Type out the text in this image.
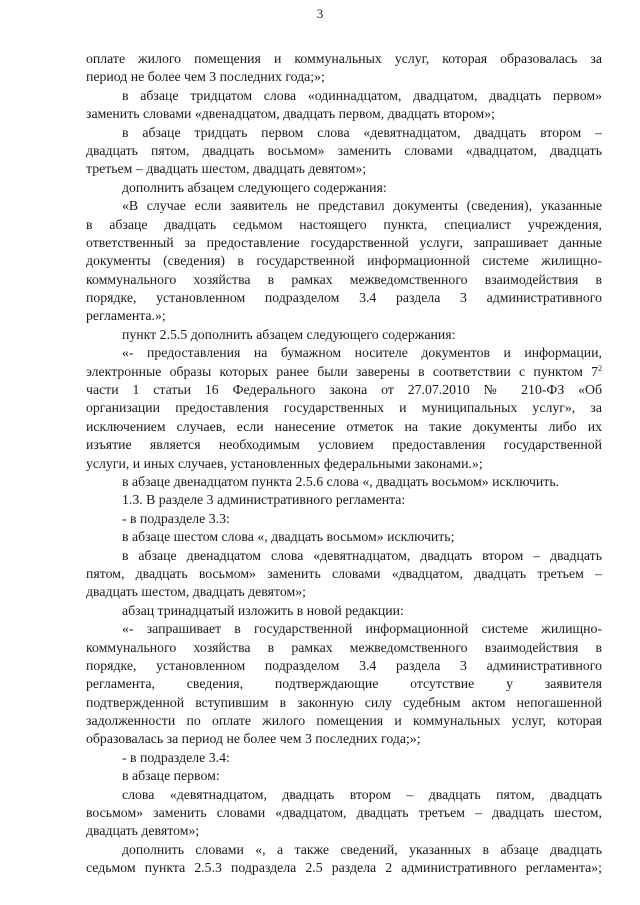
3
оплате жилого помещения и коммунальных услуг, которая образовалась за
период не более чем 3 последних года;»;
в абзаце тридцатом слова «одиннадцатом, двадцатом, двадцать первом»
заменить словами «двенадцатом, двадцать первом, двадцать втором»;
в абзаце тридцать первом слова «девятнадцатом, двадцать втором –
двадцать пятом, двадцать восьмом» заменить словами «двадцатом, двадцать
третьем – двадцать шестом, двадцать девятом»;
дополнить абзацем следующего содержания:
«В случае если заявитель не представил документы (сведения), указанные
в абзаце двадцать седьмом настоящего пункта, специалист учреждения,
ответственный за предоставление государственной услуги, запрашивает данные
документы (сведения) в государственной информационной системе жилищно-
коммунального хозяйства в рамках межведомственного взаимодействия в
порядке, установленном подразделом 3.4 раздела 3 административного
регламента.»;
пункт 2.5.5 дополнить абзацем следующего содержания:
«- предоставления на бумажном носителе документов и информации,
электронные образы которых ранее были заверены в соответствии с пунктом $7^2$
части 1 статьи 16 Федерального закона от 27.07.2010 № 210-ФЗ «Об
организации предоставления государственных и муниципальных услуг», за
исключением случаев, если нанесение отметок на такие документы либо их
изъятие является необходимым условием предоставления государственной
услуги, и иных случаев, установленных федеральными законами.»;
в абзаце двенадцатом пункта 2.5.6 слова «, двадцать восьмом» исключить.
1.3. В разделе 3 административного регламента:
- в подразделе 3.3:
в абзаце шестом слова «, двадцать восьмом» исключить;
в абзаце двенадцатом слова «девятнадцатом, двадцать втором – двадцать
пятом, двадцать восьмом» заменить словами «двадцатом, двадцать третьем –
двадцать шестом, двадцать девятом»;
абзац тринадцатый изложить в новой редакции:
«- запрашивает в государственной информационной системе жилищно-
коммунального хозяйства в рамках межведомственного взаимодействия в
порядке, установленном подразделом 3.4 раздела 3 административного
регламента, сведения, подтверждающие отсутствие у заявителя
подтвержденной вступившим в законную силу судебным актом непогашенной
задолженности по оплате жилого помещения и коммунальных услуг, которая
образовалась за период не более чем 3 последних года;»;
- в подразделе 3.4:
в абзаце первом:
слова «девятнадцатом, двадцать втором – двадцать пятом, двадцать
восьмом» заменить словами «двадцатом, двадцать третьем – двадцать шестом,
двадцать девятом»;
дополнить словами «, а также сведений, указанных в абзаце двадцать
седьмом пункта 2.5.3 подраздела 2.5 раздела 2 административного регламента»;
